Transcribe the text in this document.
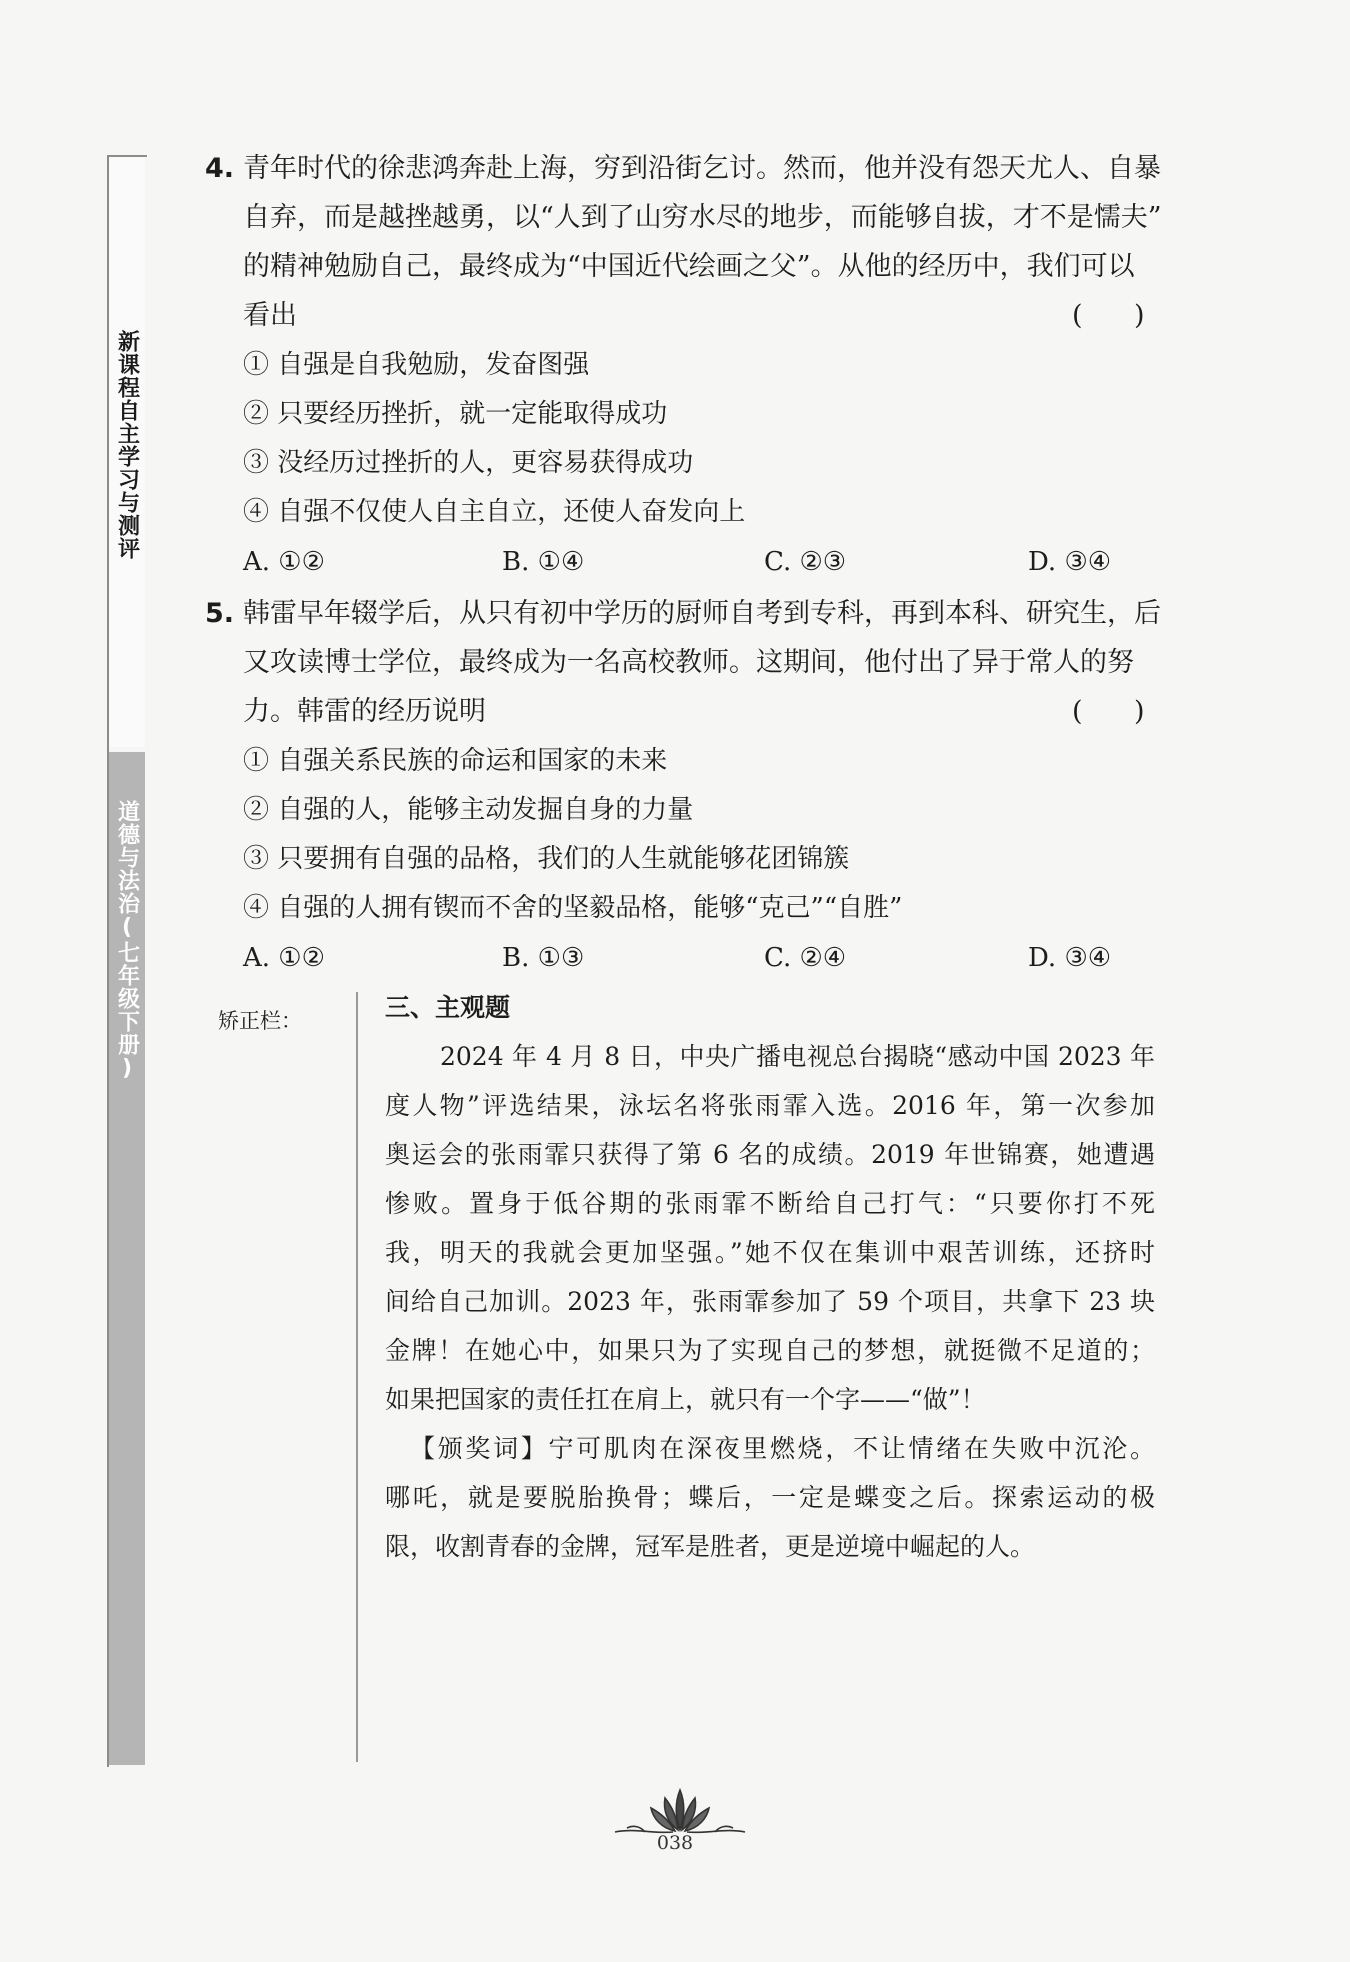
新课程自主学习与测评
道德与法治(七年级下册)
4. 青年时代的徐悲鸿奔赴上海，穷到沿街乞讨。然而，他并没有怨天尤人、自暴
自弃，而是越挫越勇，以“人到了山穷水尽的地步，而能够自拔，才不是懦夫”
的精神勉励自己，最终成为“中国近代绘画之父”。从他的经历中，我们可以
看出	(      )
① 自强是自我勉励，发奋图强
② 只要经历挫折，就一定能取得成功
③ 没经历过挫折的人，更容易获得成功
④ 自强不仅使人自主自立，还使人奋发向上
A. ①②	B. ①④	C. ②③	D. ③④
5. 韩雷早年辍学后，从只有初中学历的厨师自考到专科，再到本科、研究生，后
又攻读博士学位，最终成为一名高校教师。这期间，他付出了异于常人的努
力。韩雷的经历说明	(      )
① 自强关系民族的命运和国家的未来
② 自强的人，能够主动发掘自身的力量
③ 只要拥有自强的品格，我们的人生就能够花团锦簇
④ 自强的人拥有锲而不舍的坚毅品格，能够“克己”“自胜”
A. ①②	B. ①③	C. ②④	D. ③④
矫正栏：	三、主观题
2024 年 4 月 8 日，中央广播电视总台揭晓“感动中国 2023 年
度人物”评选结果，泳坛名将张雨霏入选。2016 年，第一次参加
奥运会的张雨霏只获得了第 6 名的成绩。2019 年世锦赛，她遭遇
惨败。置身于低谷期的张雨霏不断给自己打气：“只要你打不死
我，明天的我就会更加坚强。”她不仅在集训中艰苦训练，还挤时
间给自己加训。2023 年，张雨霏参加了 59 个项目，共拿下 23 块
金牌！在她心中，如果只为了实现自己的梦想，就挺微不足道的；
如果把国家的责任扛在肩上，就只有一个字——“做”！
【颁奖词】宁可肌肉在深夜里燃烧，不让情绪在失败中沉沦。
哪吒，就是要脱胎换骨；蝶后，一定是蝶变之后。探索运动的极
限，收割青春的金牌，冠军是胜者，更是逆境中崛起的人。
038
